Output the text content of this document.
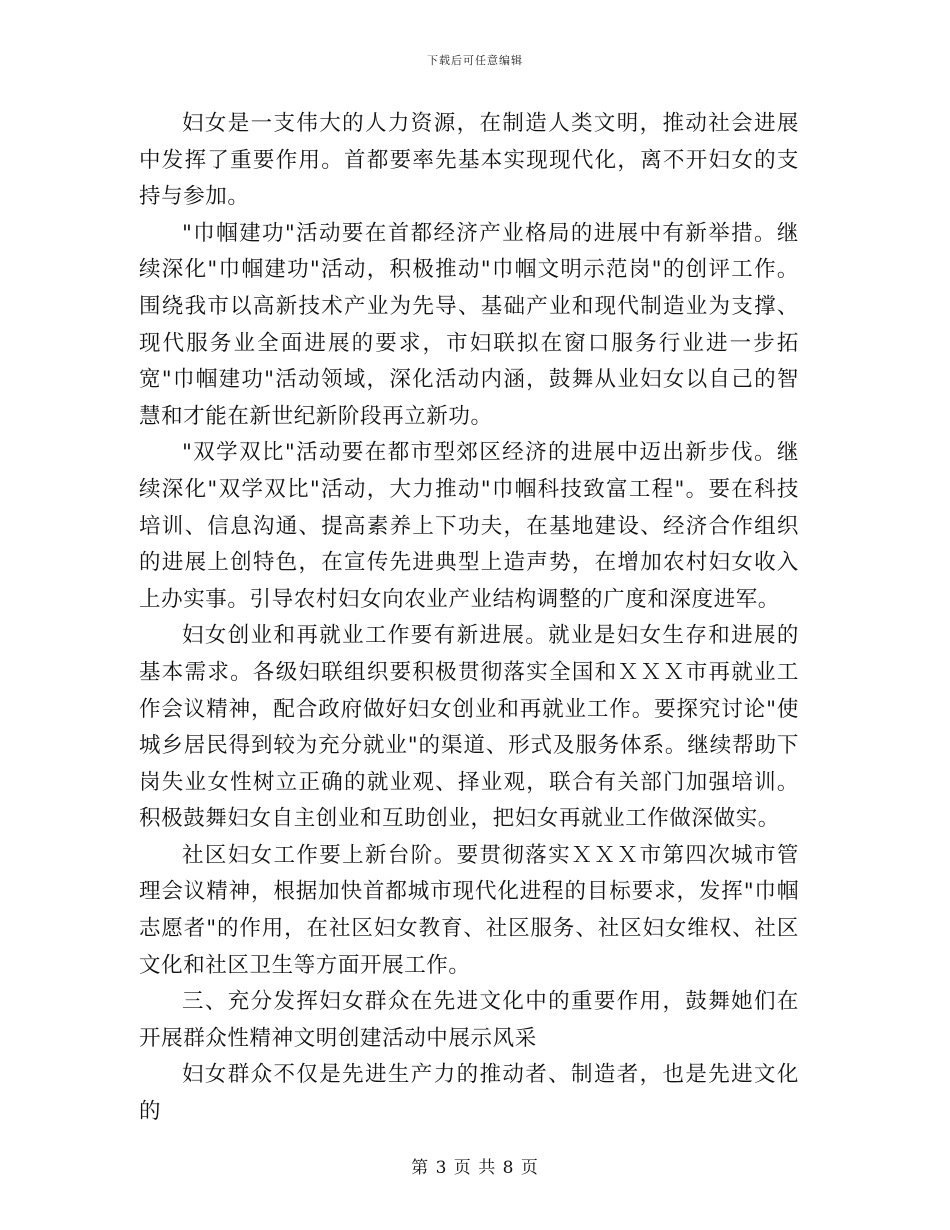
下载后可任意编辑

妇女是一支伟大的人力资源，在制造人类文明，推动社会进展中发挥了重要作用。首都要率先基本实现现代化，离不开妇女的支持与参加。

"巾帼建功"活动要在首都经济产业格局的进展中有新举措。继续深化"巾帼建功"活动，积极推动"巾帼文明示范岗"的创评工作。围绕我市以高新技术产业为先导、基础产业和现代制造业为支撑、现代服务业全面进展的要求，市妇联拟在窗口服务行业进一步拓宽"巾帼建功"活动领域，深化活动内涵，鼓舞从业妇女以自己的智慧和才能在新世纪新阶段再立新功。

"双学双比"活动要在都市型郊区经济的进展中迈出新步伐。继续深化"双学双比"活动，大力推动"巾帼科技致富工程"。要在科技培训、信息沟通、提高素养上下功夫，在基地建设、经济合作组织的进展上创特色，在宣传先进典型上造声势，在增加农村妇女收入上办实事。引导农村妇女向农业产业结构调整的广度和深度进军。

妇女创业和再就业工作要有新进展。就业是妇女生存和进展的基本需求。各级妇联组织要积极贯彻落实全国和ＸＸＸ市再就业工作会议精神，配合政府做好妇女创业和再就业工作。要探究讨论"使城乡居民得到较为充分就业"的渠道、形式及服务体系。继续帮助下岗失业女性树立正确的就业观、择业观，联合有关部门加强培训。积极鼓舞妇女自主创业和互助创业，把妇女再就业工作做深做实。

社区妇女工作要上新台阶。要贯彻落实ＸＸＸ市第四次城市管理会议精神，根据加快首都城市现代化进程的目标要求，发挥"巾帼志愿者"的作用，在社区妇女教育、社区服务、社区妇女维权、社区文化和社区卫生等方面开展工作。

三、充分发挥妇女群众在先进文化中的重要作用，鼓舞她们在开展群众性精神文明创建活动中展示风采

妇女群众不仅是先进生产力的推动者、制造者，也是先进文化的

第 3 页 共 8 页
